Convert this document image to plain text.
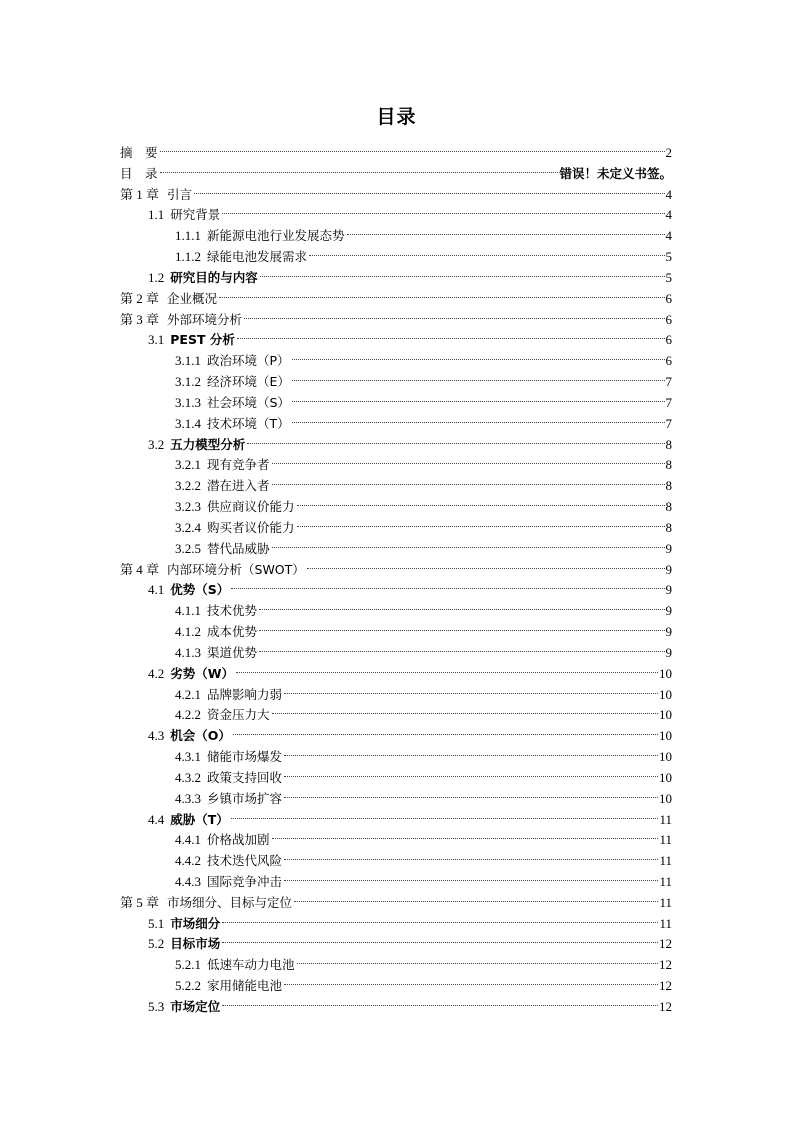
目录
摘　要	2
目　录	错误！未定义书签。
第 1 章 引言	4
1.1 研究背景	4
1.1.1 新能源电池行业发展态势	4
1.1.2 绿能电池发展需求	5
1.2 研究目的与内容	5
第 2 章 企业概况	6
第 3 章 外部环境分析	6
3.1 PEST 分析	6
3.1.1 政治环境（P）	6
3.1.2 经济环境（E）	7
3.1.3 社会环境（S）	7
3.1.4 技术环境（T）	7
3.2 五力模型分析	8
3.2.1 现有竞争者	8
3.2.2 潜在进入者	8
3.2.3 供应商议价能力	8
3.2.4 购买者议价能力	8
3.2.5 替代品威胁	9
第 4 章 内部环境分析（SWOT）	9
4.1 优势（S）	9
4.1.1 技术优势	9
4.1.2 成本优势	9
4.1.3 渠道优势	9
4.2 劣势（W）	10
4.2.1 品牌影响力弱	10
4.2.2 资金压力大	10
4.3 机会（O）	10
4.3.1 储能市场爆发	10
4.3.2 政策支持回收	10
4.3.3 乡镇市场扩容	10
4.4 威胁（T）	11
4.4.1 价格战加剧	11
4.4.2 技术迭代风险	11
4.4.3 国际竞争冲击	11
第 5 章 市场细分、目标与定位	11
5.1 市场细分	11
5.2 目标市场	12
5.2.1 低速车动力电池	12
5.2.2 家用储能电池	12
5.3 市场定位	12
